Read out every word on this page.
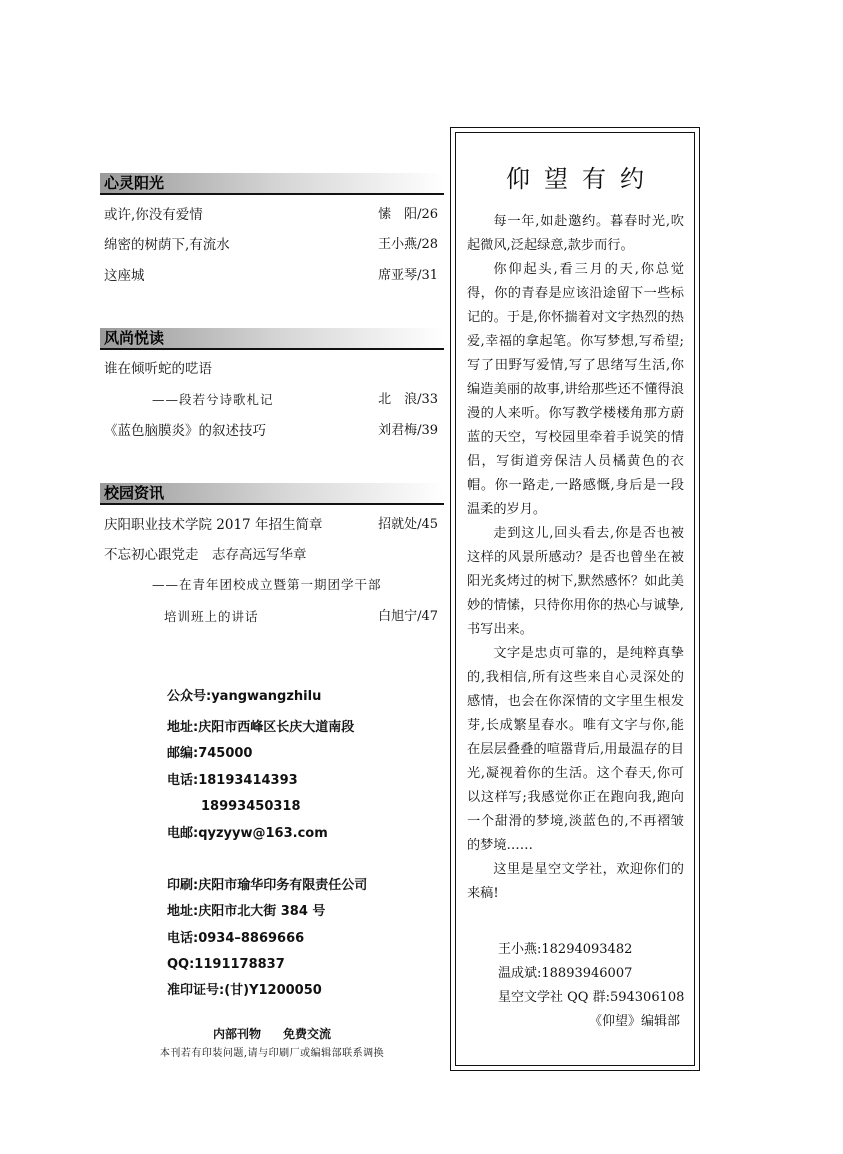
心灵阳光
或许,你没有爱情	愫　阳/26
绵密的树荫下,有流水	王小燕/28
这座城	席亚琴/31
风尚悦读
谁在倾听蛇的呓语
——段若兮诗歌札记	北　浪/33
《蓝色脑膜炎》的叙述技巧	刘君梅/39
校园资讯
庆阳职业技术学院 2017 年招生简章	招就处/45
不忘初心跟党走　志存高远写华章
——在青年团校成立暨第一期团学干部
培训班上的讲话	白旭宁/47
公众号:yangwangzhilu
地址:庆阳市西峰区长庆大道南段
邮编:745000
电话:18193414393
18993450318
电邮:qyzyyw@163.com
印刷:庆阳市瑜华印务有限责任公司
地址:庆阳市北大街 384 号
电话:0934–8869666
QQ:1191178837
准印证号:(甘)Y1200050
内部刊物 免费交流
本刊若有印装问题,请与印刷厂或编辑部联系调换
仰望有约

每一年,如赴邀约。暮春时光,吹起微风,泛起绿意,款步而行。

你仰起头,看三月的天,你总觉得，你的青春是应该沿途留下一些标记的。于是,你怀揣着对文字热烈的热爱,幸福的拿起笔。你写梦想,写希望;写了田野写爱情,写了思绪写生活,你编造美丽的故事,讲给那些还不懂得浪漫的人来听。你写教学楼楼角那方蔚蓝的天空，写校园里牵着手说笑的情侣，写街道旁保洁人员橘黄色的衣帽。你一路走,一路感慨,身后是一段温柔的岁月。

走到这儿,回头看去,你是否也被这样的风景所感动？是否也曾坐在被阳光炙烤过的树下,默然感怀？如此美妙的情愫，只待你用你的热心与诚挚,书写出来。

文字是忠贞可靠的，是纯粹真挚的,我相信,所有这些来自心灵深处的感情，也会在你深情的文字里生根发芽,长成繁星春水。唯有文字与你,能在层层叠叠的喧嚣背后,用最温存的目光,凝视着你的生活。这个春天,你可以这样写;我感觉你正在跑向我,跑向一个甜滑的梦境,淡蓝色的,不再褶皱的梦境……

这里是星空文学社，欢迎你们的来稿!

王小燕:18294093482
温成斌:18893946007
星空文学社 QQ 群:594306108
《仰望》编辑部
